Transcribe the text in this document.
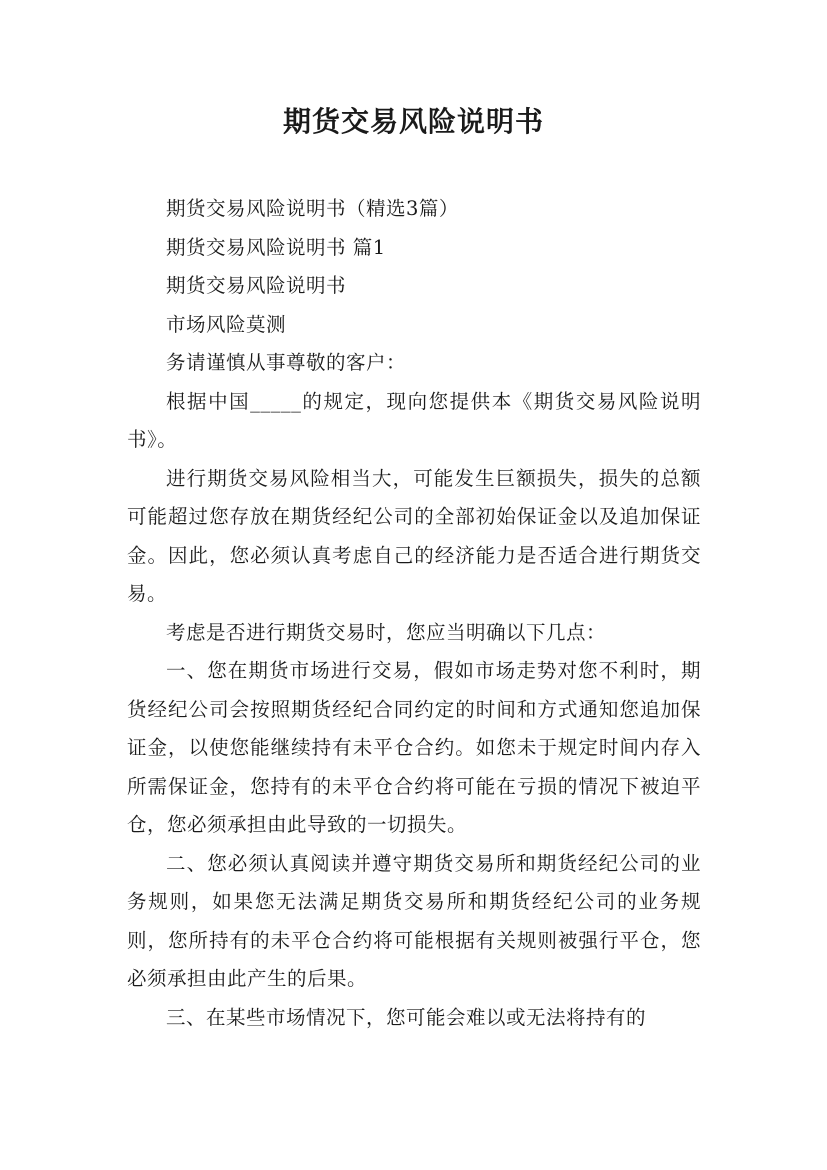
期货交易风险说明书

期货交易风险说明书（精选3篇）

期货交易风险说明书 篇1

期货交易风险说明书

市场风险莫测

务请谨慎从事尊敬的客户：

根据中国_____的规定，现向您提供本《期货交易风险说明书》。

进行期货交易风险相当大，可能发生巨额损失，损失的总额可能超过您存放在期货经纪公司的全部初始保证金以及追加保证金。因此，您必须认真考虑自己的经济能力是否适合进行期货交易。

考虑是否进行期货交易时，您应当明确以下几点：

一、您在期货市场进行交易，假如市场走势对您不利时，期货经纪公司会按照期货经纪合同约定的时间和方式通知您追加保证金，以使您能继续持有未平仓合约。如您未于规定时间内存入所需保证金，您持有的未平仓合约将可能在亏损的情况下被迫平仓，您必须承担由此导致的一切损失。

二、您必须认真阅读并遵守期货交易所和期货经纪公司的业务规则，如果您无法满足期货交易所和期货经纪公司的业务规则，您所持有的未平仓合约将可能根据有关规则被强行平仓，您必须承担由此产生的后果。

三、在某些市场情况下，您可能会难以或无法将持有的
